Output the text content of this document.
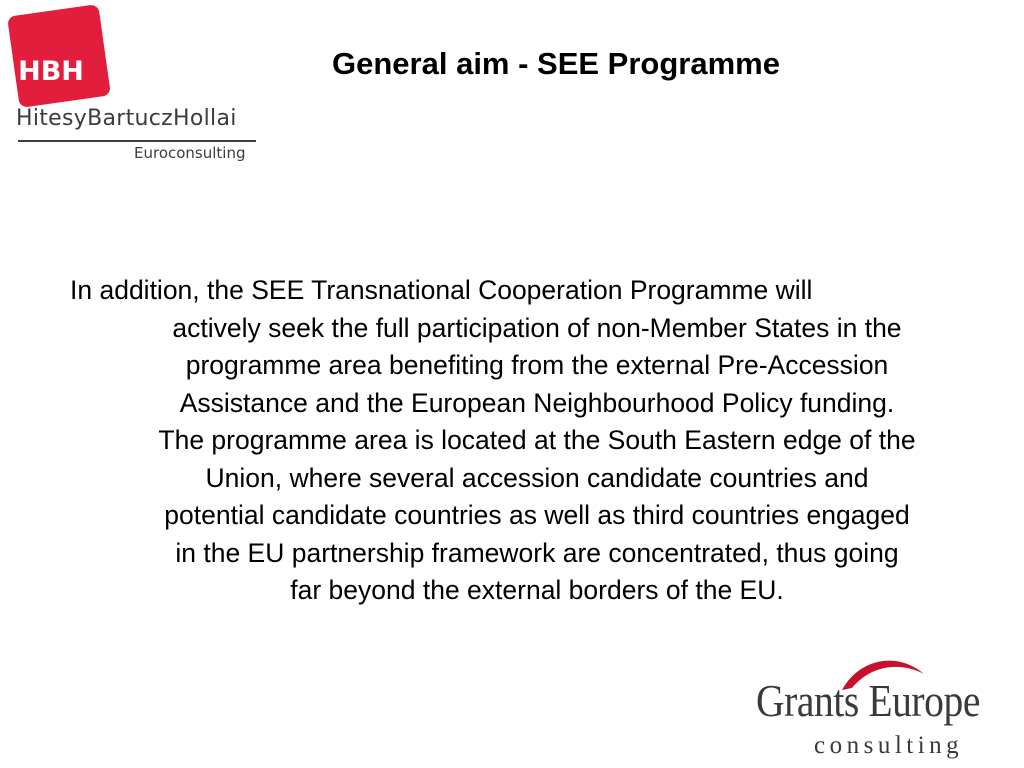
HBH
HitesyBartuczHollai
Euroconsulting
General aim - SEE Programme
In addition, the SEE Transnational Cooperation Programme will
actively seek the full participation of non-Member States in the
programme area benefiting from the external Pre-Accession
Assistance and the European Neighbourhood Policy funding.
The programme area is located at the South Eastern edge of the
Union, where several accession candidate countries and
potential candidate countries as well as third countries engaged
in the EU partnership framework are concentrated, thus going
far beyond the external borders of the EU.
Grants Europe
consulting
